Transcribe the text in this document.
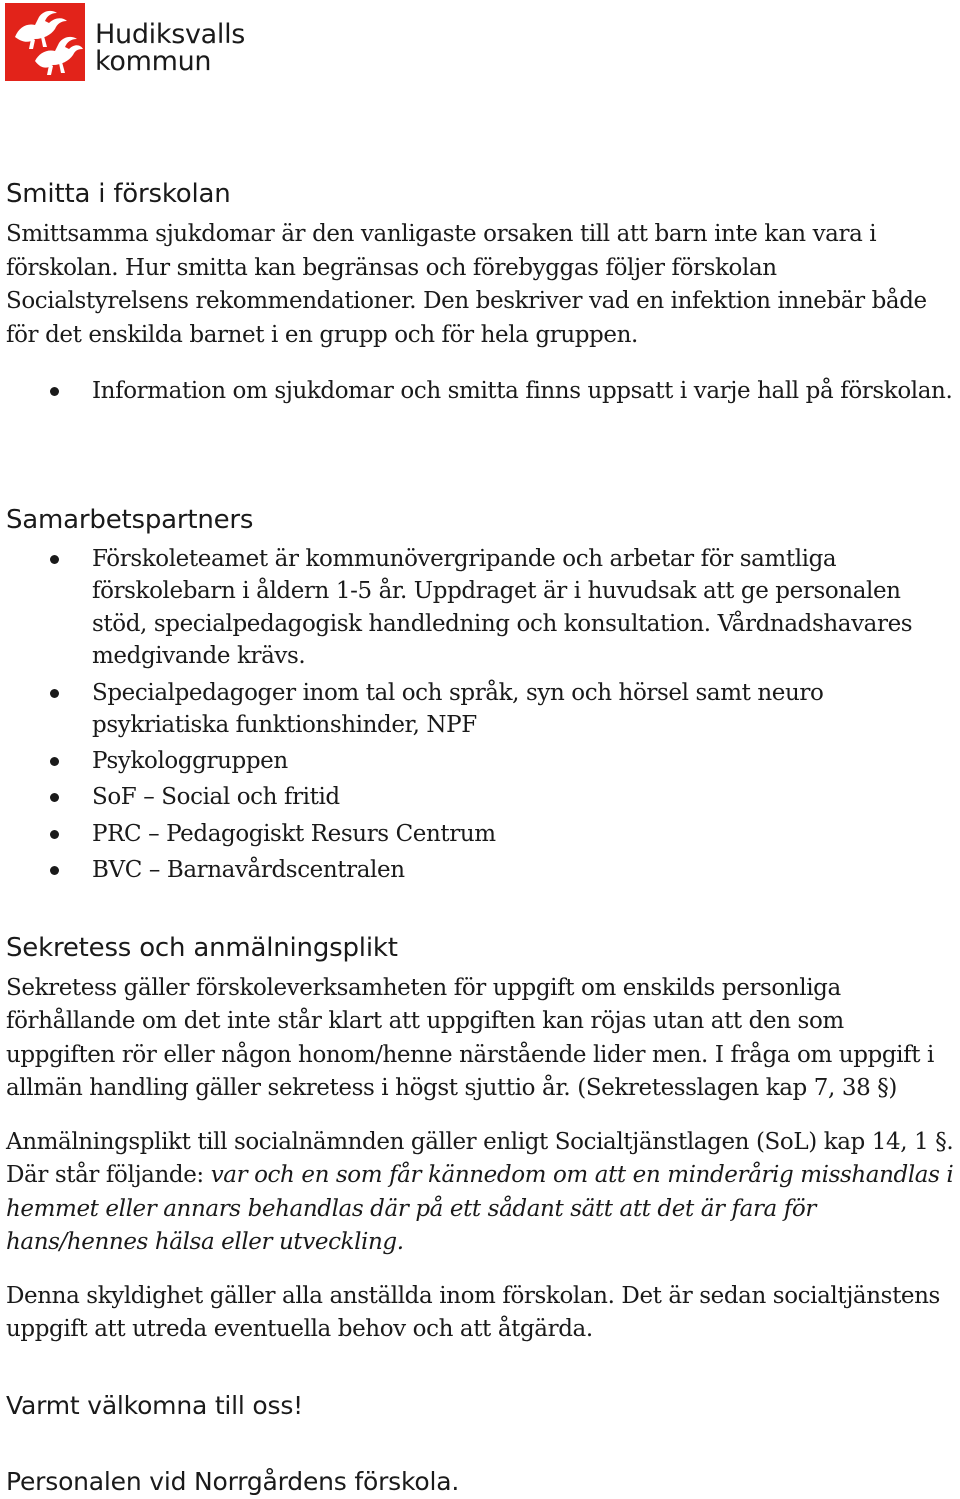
Hudiksvalls
kommun
Smitta i förskolan

Smittsamma sjukdomar är den vanligaste orsaken till att barn inte kan vara i förskolan. Hur smitta kan begränsas och förebyggas följer förskolan Socialstyrelsens rekommendationer. Den beskriver vad en infektion innebär både för det enskilda barnet i en grupp och för hela gruppen.

Information om sjukdomar och smitta finns uppsatt i varje hall på förskolan.
Samarbetspartners
Förskoleteamet är kommunövergripande och arbetar för samtliga förskolebarn i åldern 1-5 år. Uppdraget är i huvudsak att ge personalen stöd, specialpedagogisk handledning och konsultation. Vårdnadshavares medgivande krävs.
Specialpedagoger inom tal och språk, syn och hörsel samt neuro psykriatiska funktionshinder, NPF
Psykologgruppen
SoF – Social och fritid
PRC – Pedagogiskt Resurs Centrum
BVC – Barnavårdscentralen
Sekretess och anmälningsplikt

Sekretess gäller förskoleverksamheten för uppgift om enskilds personliga förhållande om det inte står klart att uppgiften kan röjas utan att den som uppgiften rör eller någon honom/henne närstående lider men. I fråga om uppgift i allmän handling gäller sekretess i högst sjuttio år. (Sekretesslagen kap 7, 38 §)

Anmälningsplikt till socialnämnden gäller enligt Socialtjänstlagen (SoL) kap 14, 1 §. Där står följande: var och en som får kännedom om att en minderårig misshandlas i hemmet eller annars behandlas där på ett sådant sätt att det är fara för hans/hennes hälsa eller utveckling.

Denna skyldighet gäller alla anställda inom förskolan. Det är sedan socialtjänstens uppgift att utreda eventuella behov och att åtgärda.

Varmt välkomna till oss!

Personalen vid Norrgårdens förskola.
